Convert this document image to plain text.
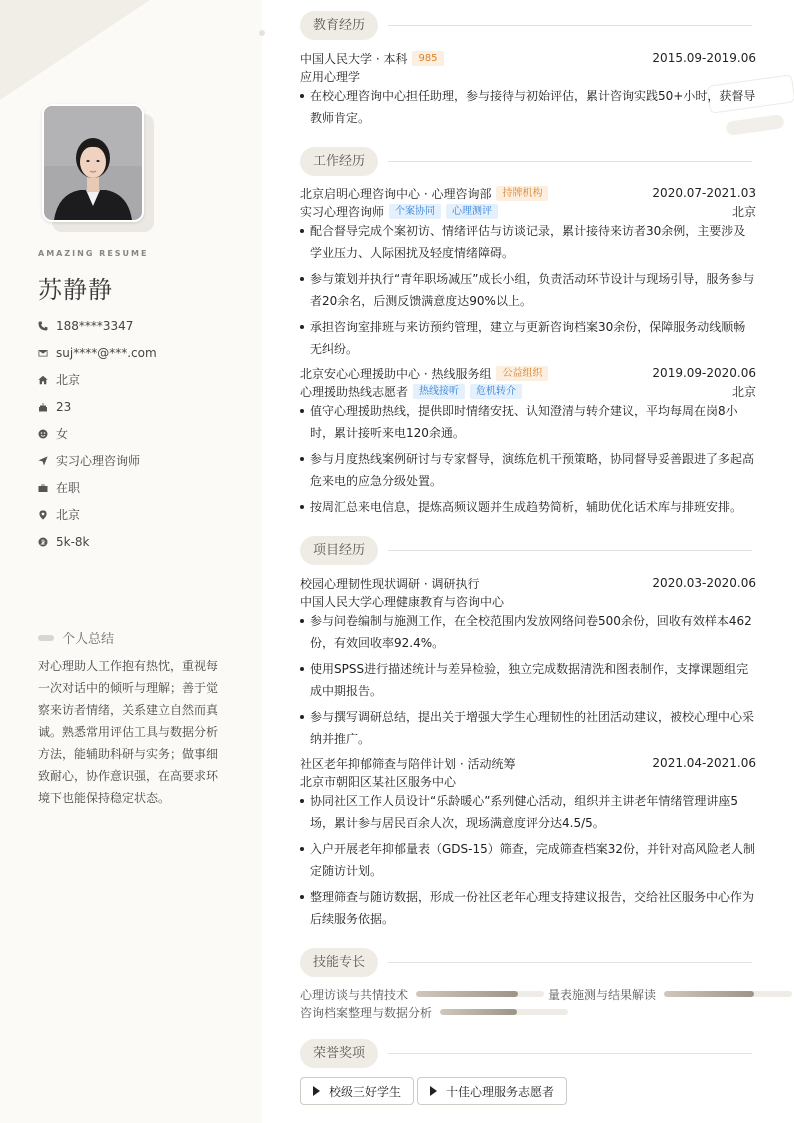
AMAZING RESUME
苏静静
188****3347
suj****@***.com
北京
23
女
实习心理咨询师
在职
北京
5k-8k
个人总结
对心理助人工作抱有热忱，重视每一次对话中的倾听与理解；善于觉察来访者情绪，关系建立自然而真诚。熟悉常用评估工具与数据分析方法，能辅助科研与实务；做事细致耐心，协作意识强，在高要求环境下也能保持稳定状态。
教育经历
中国人民大学 · 本科	985	2015.09-2019.06
应用心理学
在校心理咨询中心担任助理，参与接待与初始评估，累计咨询实践50+小时，获督导教师肯定。
工作经历
北京启明心理咨询中心 · 心理咨询部	持牌机构	2020.07-2021.03
实习心理咨询师	个案协同	心理测评	北京
配合督导完成个案初访、情绪评估与访谈记录，累计接待来访者30余例，主要涉及学业压力、人际困扰及轻度情绪障碍。
参与策划并执行“青年职场减压”成长小组，负责活动环节设计与现场引导，服务参与者20余名，后测反馈满意度达90%以上。
承担咨询室排班与来访预约管理，建立与更新咨询档案30余份，保障服务动线顺畅无纠纷。
北京安心心理援助中心 · 热线服务组	公益组织	2019.09-2020.06
心理援助热线志愿者	热线接听	危机转介	北京
值守心理援助热线，提供即时情绪安抚、认知澄清与转介建议，平均每周在岗8小时，累计接听来电120余通。
参与月度热线案例研讨与专家督导，演练危机干预策略，协同督导妥善跟进了多起高危来电的应急分级处置。
按周汇总来电信息，提炼高频议题并生成趋势简析，辅助优化话术库与排班安排。
项目经历
校园心理韧性现状调研 · 调研执行	2020.03-2020.06
中国人民大学心理健康教育与咨询中心
参与问卷编制与施测工作，在全校范围内发放网络问卷500余份，回收有效样本462份，有效回收率92.4%。
使用SPSS进行描述统计与差异检验，独立完成数据清洗和图表制作，支撑课题组完成中期报告。
参与撰写调研总结，提出关于增强大学生心理韧性的社团活动建议，被校心理中心采纳并推广。
社区老年抑郁筛查与陪伴计划 · 活动统筹	2021.04-2021.06
北京市朝阳区某社区服务中心
协同社区工作人员设计“乐龄暖心”系列健心活动，组织并主讲老年情绪管理讲座5场，累计参与居民百余人次，现场满意度评分达4.5/5。
入户开展老年抑郁量表（GDS-15）筛查，完成筛查档案32份，并针对高风险老人制定随访计划。
整理筛查与随访数据，形成一份社区老年心理支持建议报告，交给社区服务中心作为后续服务依据。
技能专长
心理访谈与共情技术	量表施测与结果解读
咨询档案整理与数据分析
荣誉奖项
校级三好学生	十佳心理服务志愿者
